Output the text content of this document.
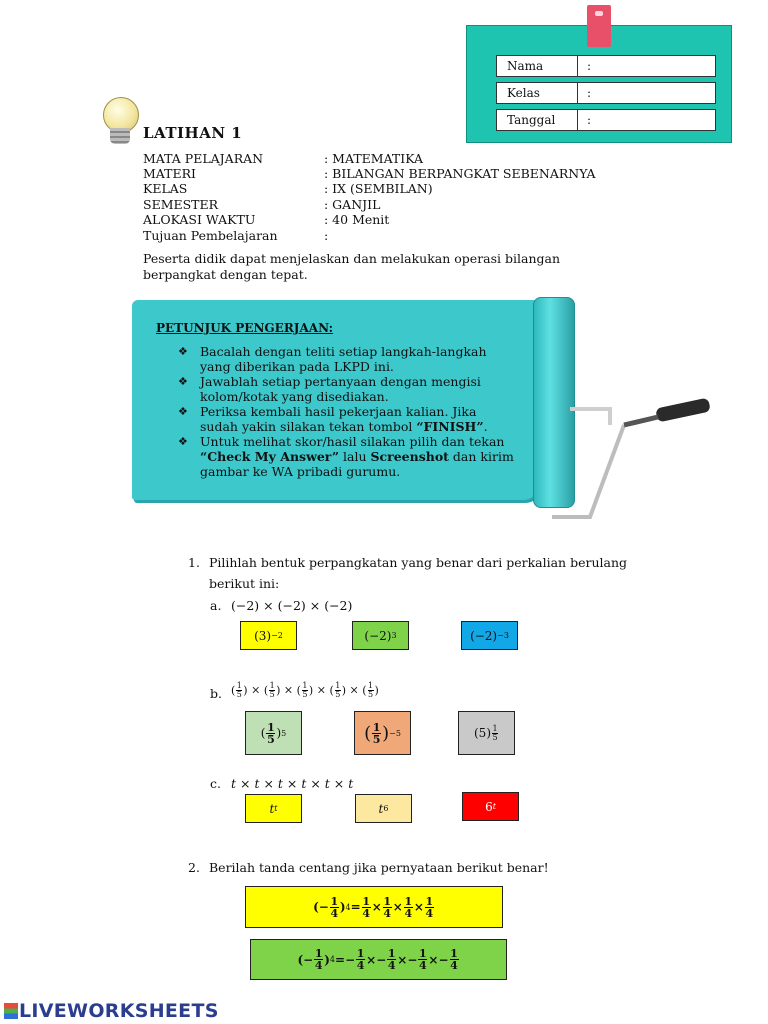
Nama	:
Kelas	:
Tanggal	:
LATIHAN 1
MATA PELAJARAN	: MATEMATIKA
MATERI	: BILANGAN BERPANGKAT SEBENARNYA
KELAS	: IX (SEMBILAN)
SEMESTER	: GANJIL
ALOKASI WAKTU	: 40 Menit
Tujuan Pembelajaran	:
Peserta didik dapat menjelaskan dan melakukan operasi bilangan berpangkat dengan tepat.
PETUNJUK PENGERJAAN:
❖ Bacalah dengan teliti setiap langkah-langkah yang diberikan pada LKPD ini.
❖ Jawablah setiap pertanyaan dengan mengisi kolom/kotak yang disediakan.
❖ Periksa kembali hasil pekerjaan kalian. Jika sudah yakin silakan tekan tombol “FINISH”.
❖ Untuk melihat skor/hasil silakan pilih dan tekan “Check My Answer” lalu Screenshot dan kirim gambar ke WA pribadi gurumu.
1. Pilihlah bentuk perpangkatan yang benar dari perkalian berulang
berikut ini:
a. (−2) × (−2) × (−2)
(3) −2	(−2) 3	(−2) −3
b. ( $\frac{1}{5}$ ) × ( $\frac{1}{5}$ ) × ( $\frac{1}{5}$ ) × ( $\frac{1}{5}$ ) × ( $\frac{1}{5}$ )
( 1
5 ) 5	( 1
5 ) −5	$(5) \frac{1}{5}$
c. t × t × t × t × t × t
t t	t 6	6 t
2. Berilah tanda centang jika pernyataan berikut benar!
(− 1
4 ) 4 = 1
4 × 1
4 × 1
4 × 1
4
(− 1
4 ) 4 = − 1
4 × − 1
4 × − 1
4 × − 1
4
LIVEWORKSHEETS
